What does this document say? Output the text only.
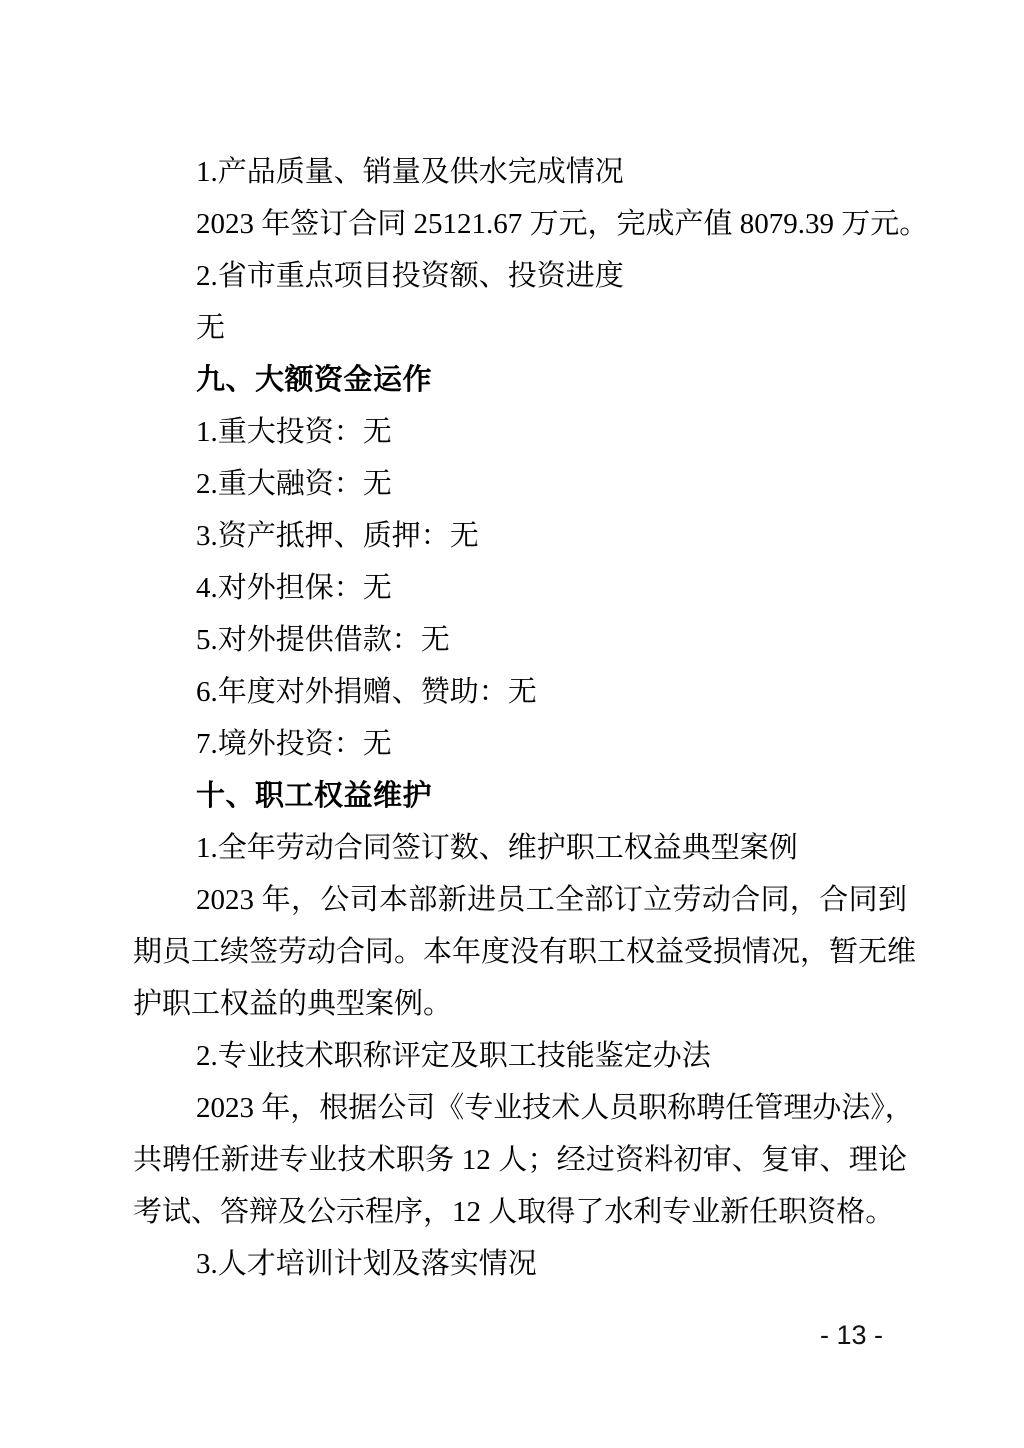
1.产品质量、销量及供水完成情况
2023 年签订合同 25121.67 万元，完成产值 8079.39 万元。
2.省市重点项目投资额、投资进度
无
九、大额资金运作
1.重大投资：无
2.重大融资：无
3.资产抵押、质押：无
4.对外担保：无
5.对外提供借款：无
6.年度对外捐赠、赞助：无
7.境外投资：无
十、职工权益维护
1.全年劳动合同签订数、维护职工权益典型案例
2023 年，公司本部新进员工全部订立劳动合同，合同到
期员工续签劳动合同。本年度没有职工权益受损情况，暂无维
护职工权益的典型案例。
2.专业技术职称评定及职工技能鉴定办法
2023 年，根据公司《专业技术人员职称聘任管理办法》，
共聘任新进专业技术职务 12 人；经过资料初审、复审、理论
考试、答辩及公示程序，12 人取得了水利专业新任职资格。
3.人才培训计划及落实情况
- 13 -
